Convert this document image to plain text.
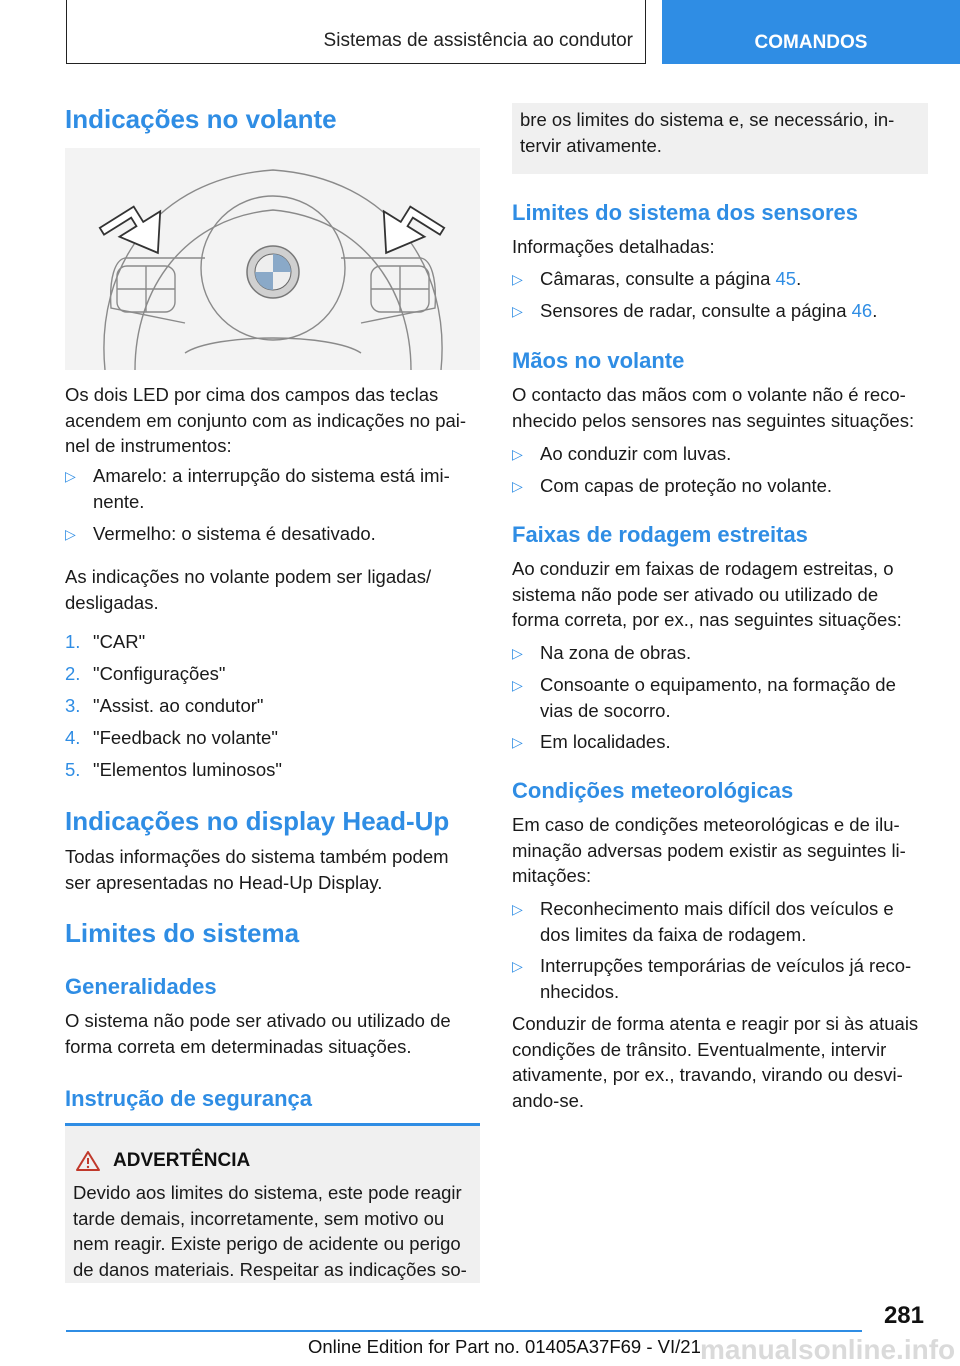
Sistemas de assistência ao condutor	COMANDOS
Indicações no volante
Os dois LED por cima dos campos das teclas
acendem em conjunto com as indicações no pai-
nel de instrumentos:
▷ Amarelo: a interrupção do sistema está imi-
nente.
▷ Vermelho: o sistema é desativado.
As indicações no volante podem ser ligadas/
desligadas.
1. "CAR"
2. "Configurações"
3. "Assist. ao condutor"
4. "Feedback no volante"
5. "Elementos luminosos"
Indicações no display Head-Up
Todas informações do sistema também podem
ser apresentadas no Head-Up Display.
Limites do sistema
Generalidades
O sistema não pode ser ativado ou utilizado de
forma correta em determinadas situações.
Instrução de segurança
ADVERTÊNCIA
Devido aos limites do sistema, este pode reagir
tarde demais, incorretamente, sem motivo ou
nem reagir. Existe perigo de acidente ou perigo
de danos materiais. Respeitar as indicações so-
bre os limites do sistema e, se necessário, in-
tervir ativamente.
Limites do sistema dos sensores
Informações detalhadas:
▷ Câmaras, consulte a página 45.
▷ Sensores de radar, consulte a página 46.
Mãos no volante
O contacto das mãos com o volante não é reco-
nhecido pelos sensores nas seguintes situações:
▷ Ao conduzir com luvas.
▷ Com capas de proteção no volante.
Faixas de rodagem estreitas
Ao conduzir em faixas de rodagem estreitas, o
sistema não pode ser ativado ou utilizado de
forma correta, por ex., nas seguintes situações:
▷ Na zona de obras.
▷ Consoante o equipamento, na formação de
vias de socorro.
▷ Em localidades.
Condições meteorológicas
Em caso de condições meteorológicas e de ilu-
minação adversas podem existir as seguintes li-
mitações:
▷ Reconhecimento mais difícil dos veículos e
dos limites da faixa de rodagem.
▷ Interrupções temporárias de veículos já reco-
nhecidos.
Conduzir de forma atenta e reagir por si às atuais
condições de trânsito. Eventualmente, intervir
ativamente, por ex., travando, virando ou desvi-
ando-se.
281
Online Edition for Part no. 01405A37F69 - VI/21 manualsonline.info
